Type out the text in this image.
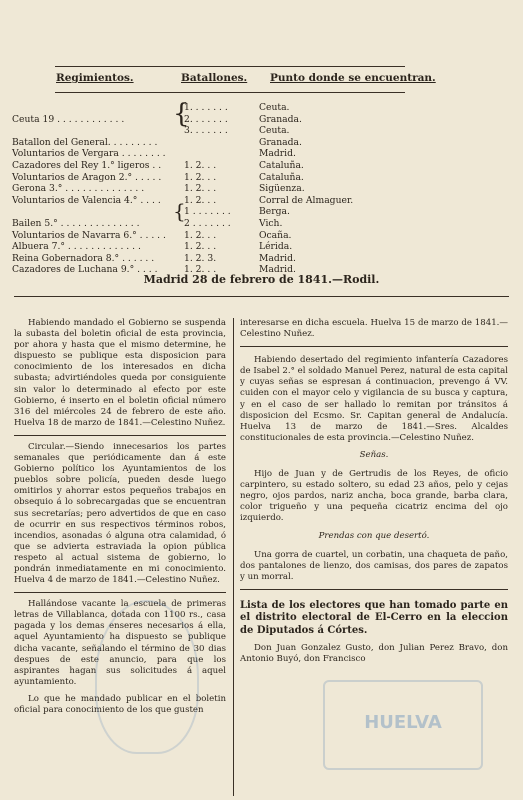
Regimientos.	Batallones. Punto donde se encuentran.
1. . . . . . .	Ceuta.
Ceuta 19 . . . . . . . . . . . .	2. . . . . . .	Granada.
3. . . . . . .	Ceuta.
Batallon del General. . . . . . . . .	Granada.
Voluntarios de Vergara . . . . . . . .	Madrid.
Cazadores del Rey 1.° ligeros . . 1. 2. . .	Cataluña.
Voluntarios de Aragon 2.° . . . . . 1. 2. . .	Cataluña.
Gerona 3.° . . . . . . . . . . . . . .	1. 2. . .	Sigüenza.
Voluntarios de Valencia 4.° . . . .	1. 2. . .	Corral de Almaguer.
1 . . . . . . .	Berga.
Bailen 5.° . . . . . . . . . . . . . .	2 . . . . . . .	Vich.
Voluntarios de Navarra 6.° . . . . . 1. 2. . .	Ocaña.
Albuera 7.° . . . . . . . . . . . . .	1. 2. . .	Lérida.
Reina Gobernadora 8.° . . . . . .	1. 2. 3.	Madrid.
Cazadores de Luchana 9.° . . . .	1. 2. . .	Madrid.
{
{
Madrid 28 de febrero de 1841.—Rodil.

Habiendo mandado el Gobierno se suspenda la subasta del boletin oficial de esta provincia, por ahora y hasta que el mismo determine, he dispuesto se publique esta disposicion para conocimiento de los interesados en dicha subasta; advirtiéndoles queda por consiguiente sin valor lo determinado al efecto por este Gobierno, é inserto en el boletin oficial número 316 del miércoles 24 de febrero de este año. Huelva 18 de marzo de 1841.—Celestino Nuñez.

Circular.—Siendo innecesarios los partes semanales que periódicamente dan á este Gobierno político los Ayuntamientos de los pueblos sobre policía, pueden desde luego omitirlos y ahorrar estos pequeños trabajos en obsequio á lo sobrecargadas que se encuentran sus secretarías; pero advertidos de que en caso de ocurrir en sus respectivos términos robos, incendios, asonadas ó alguna otra calamidad, ó que se advierta estraviada la opion pública respeto al actual sistema de gobierno, lo pondrán inmediatamente en mi conocimiento. Huelva 4 de marzo de 1841.—Celestino Nuñez.

Hallándose vacante la escuela de primeras letras de Villablanca, dotada con 1100 rs., casa pagada y los demas enseres necesarios á ella, aquel Ayuntamiento ha dispuesto se publique dicha vacante, señalando el término de 30 dias despues de este anuncio, para que los aspirantes hagan sus solicitudes á aquel ayuntamiento.

Lo que he mandado publicar en el boletin oficial para conocimiento de los que gusten

interesarse en dicha escuela. Huelva 15 de marzo de 1841.—Celestino Nuñez.

Habiendo desertado del regimiento infantería Cazadores de Isabel 2.° el soldado Manuel Perez, natural de esta capital y cuyas señas se espresan á continuacion, prevengo á VV. cuiden con el mayor celo y vigilancia de su busca y captura, y en el caso de ser hallado lo remitan por tránsitos á disposicion del Ecsmo. Sr. Capitan general de Andalucía. Huelva 13 de marzo de 1841.—Sres. Alcaldes constitucionales de esta provincia.—Celestino Nuñez.

Señas.

Hijo de Juan y de Gertrudis de los Reyes, de oficio carpintero, su estado soltero, su edad 23 años, pelo y cejas negro, ojos pardos, nariz ancha, boca grande, barba clara, color trigueño y una pequeña cicatriz encima del ojo izquierdo.

Prendas con que desertó.

Una gorra de cuartel, un corbatin, una chaqueta de paño, dos pantalones de lienzo, dos camisas, dos pares de zapatos y un morral.

Lista de los electores que han tomado parte en el distrito electoral de El-Cerro en la eleccion de Diputados á Córtes.

Don Juan Gonzalez Gusto, don Julian Perez Bravo, don Antonio Buyó, don Francisco

HUELVA
